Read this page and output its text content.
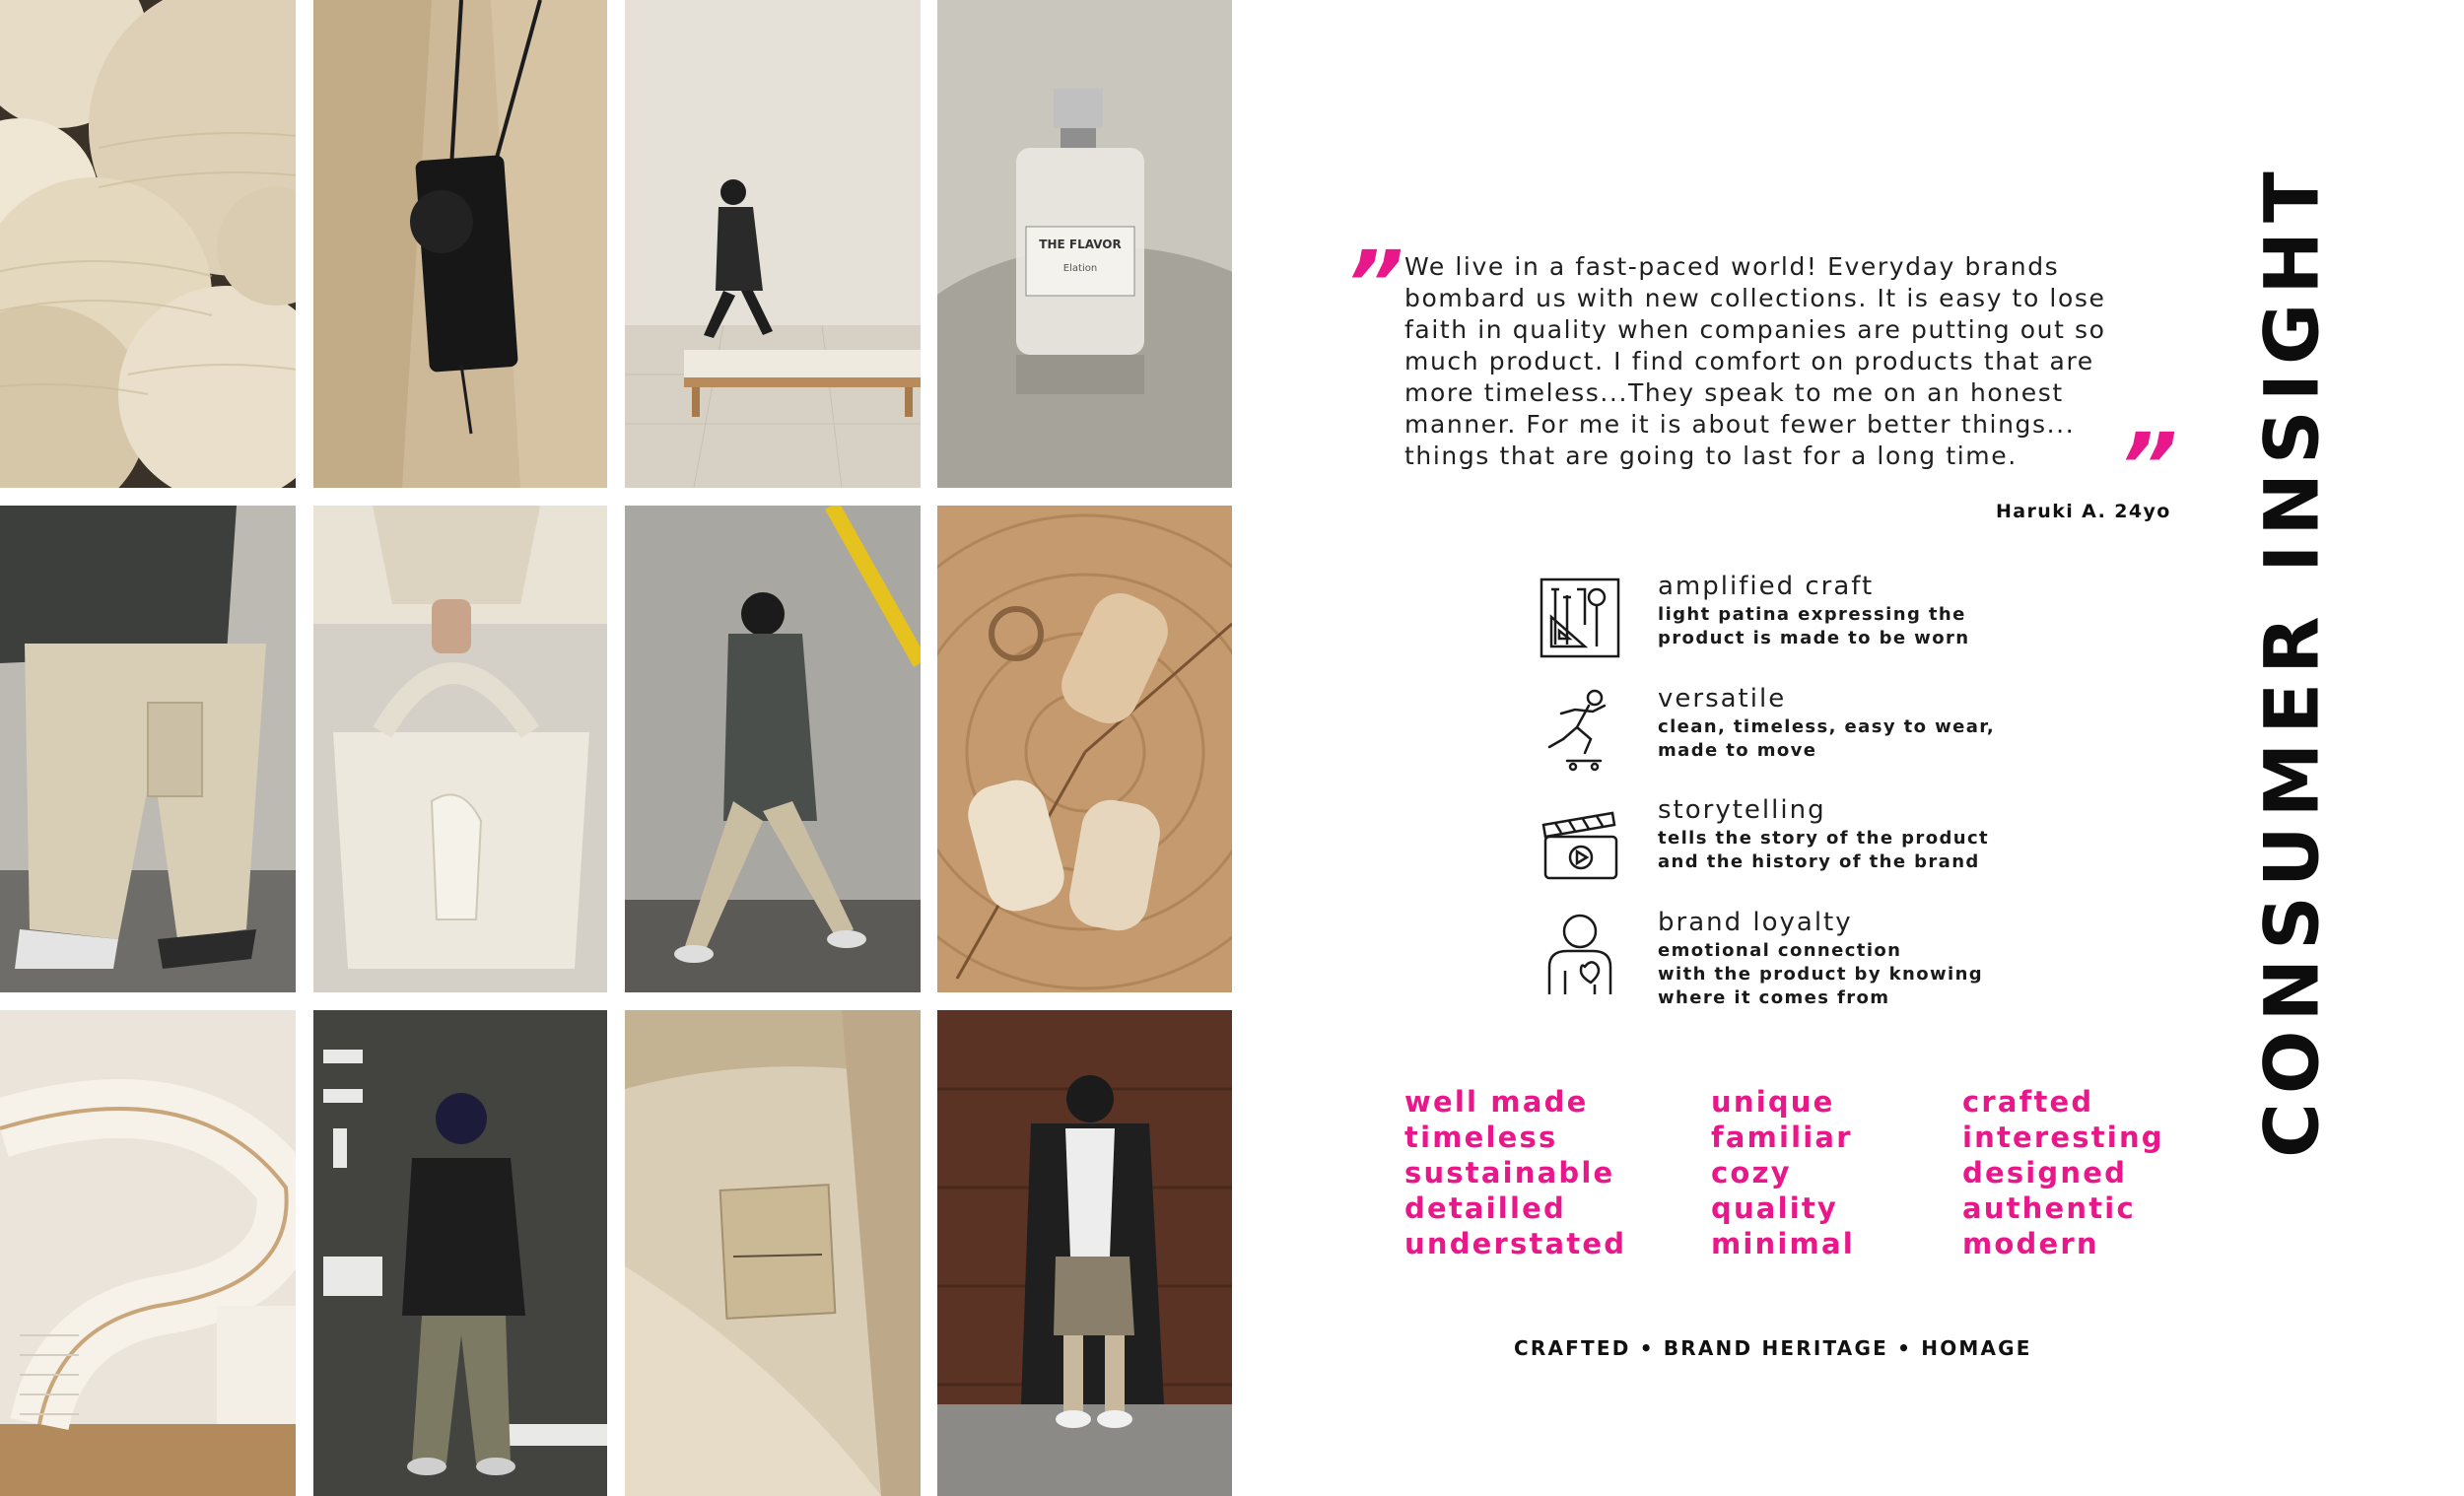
THE FLAVOR
Elation	” We live in a fast-paced world! Everyday brands
bombard us with new collections. It is easy to lose
faith in quality when companies are putting out so
much product. I find comfort on products that are
more timeless...They speak to me on an honest
manner. For me it is about fewer better things...
things that are going to last for a long time.	”
Haruki A. 24yo
amplified craft
light patina expressing the
product is made to be worn
versatile
clean, timeless, easy to wear,
made to move
storytelling
tells the story of the product
and the history of the brand
brand loyalty
emotional connection
with the product by knowing
where it comes from
well made
timeless
sustainable
detailled
understated
unique
familiar
cozy
quality
minimal
crafted
interesting
designed
authentic
modern
CRAFTED • BRAND HERITAGE • HOMAGE
CONSUMER INSIGHT
